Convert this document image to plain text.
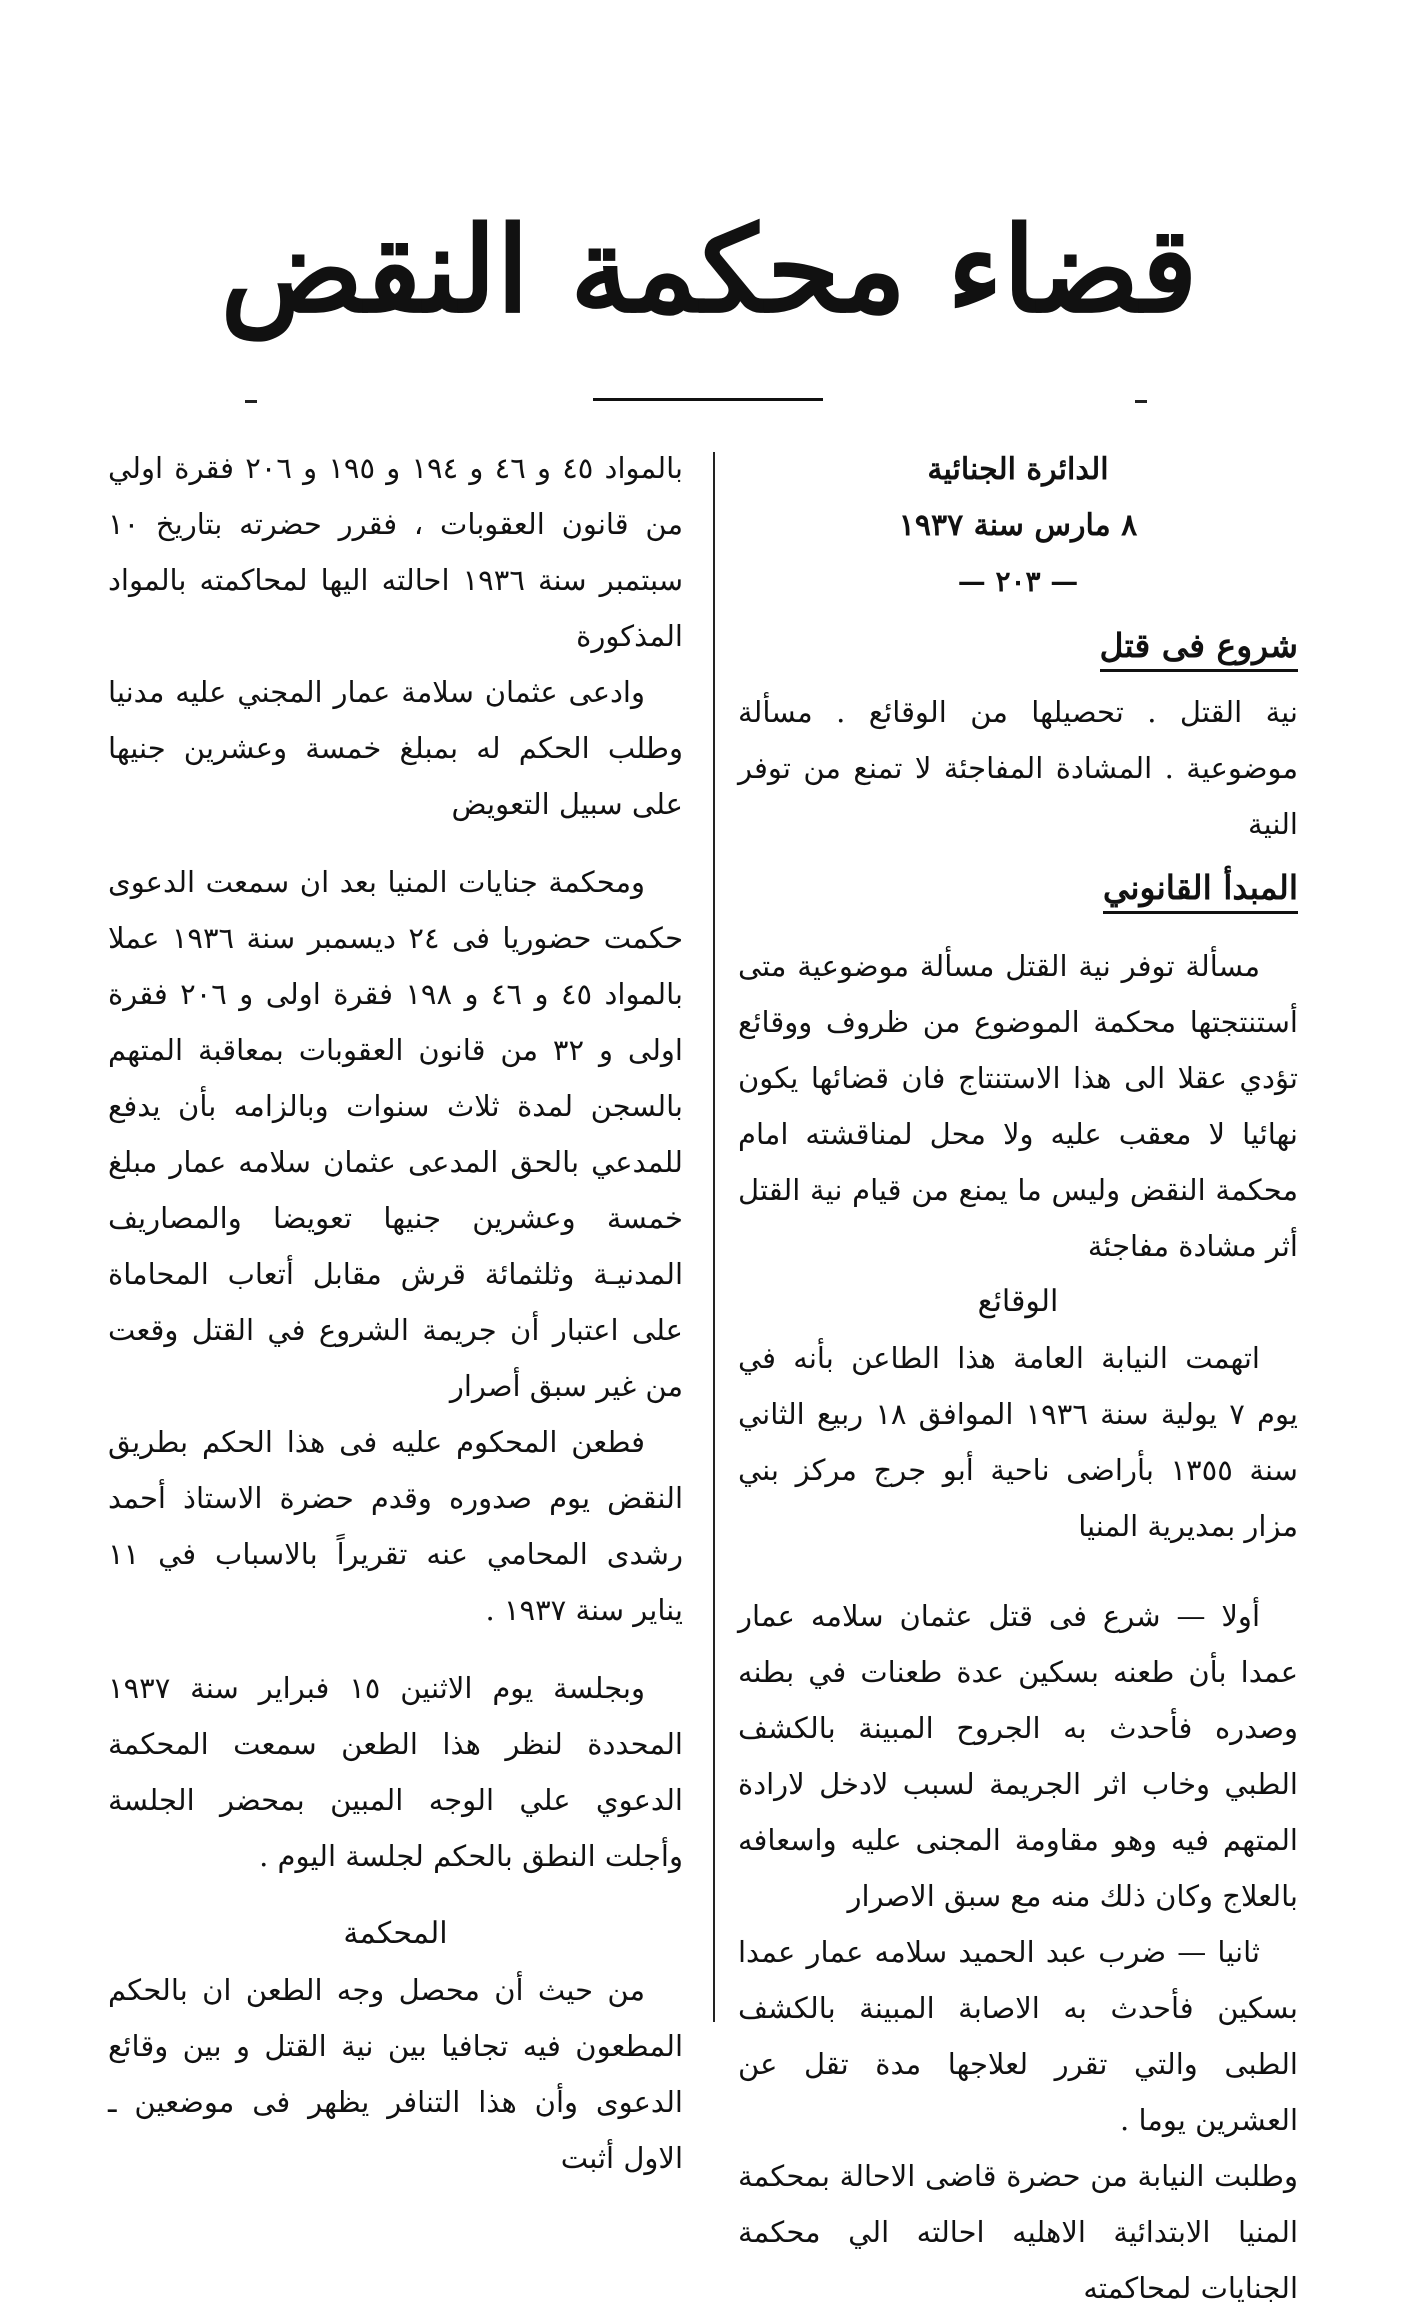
قضاء محكمة النقض

الدائرة الجنائية

٨ مارس سنة ١٩٣٧

— ٢٠٣ —

شروع فى قتل

نية القتل . تحصيلها من الوقائع . مسألة موضوعية . المشادة المفاجئة لا تمنع من توفر النية

المبدأ القانوني

مسألة توفر نية القتل مسألة موضوعية متى أستنتجتها محكمة الموضوع من ظروف ووقائع تؤدي عقلا الى هذا الاستنتاج فان قضائها يكون نهائيا لا معقب عليه ولا محل لمناقشته امام محكمة النقض وليس ما يمنع من قيام نية القتل أثر مشادة مفاجئة

الوقائع

اتهمت النيابة العامة هذا الطاعن بأنه في يوم ٧ يولية سنة ١٩٣٦ الموافق ١٨ ربيع الثاني سنة ١٣٥٥ بأراضى ناحية أبو جرج مركز بني مزار بمديرية المنيا

أولا — شرع فى قتل عثمان سلامه عمار عمدا بأن طعنه بسكين عدة طعنات في بطنه وصدره فأحدث به الجروح المبينة بالكشف الطبي وخاب اثر الجريمة لسبب لادخل لارادة المتهم فيه وهو مقاومة المجنى عليه واسعافه بالعلاج وكان ذلك منه مع سبق الاصرار

ثانيا — ضرب عبد الحميد سلامه عمار عمدا بسكين فأحدث به الاصابة المبينة بالكشف الطبى والتي تقرر لعلاجها مدة تقل عن العشرين يوما .

وطلبت النيابة من حضرة قاضى الاحالة بمحكمة المنيا الابتدائية الاهليه احالته الي محكمة الجنايات لمحاكمته

بالمواد ٤٥ و ٤٦ و ١٩٤ و ١٩٥ و ٢٠٦ فقرة اولي من قانون العقوبات ، فقرر حضرته بتاريخ ١٠ سبتمبر سنة ١٩٣٦ احالته اليها لمحاكمته بالمواد المذكورة

وادعى عثمان سلامة عمار المجني عليه مدنيا وطلب الحكم له بمبلغ خمسة وعشرين جنيها على سبيل التعويض

ومحكمة جنايات المنيا بعد ان سمعت الدعوى حكمت حضوريا فى ٢٤ ديسمبر سنة ١٩٣٦ عملا بالمواد ٤٥ و ٤٦ و ١٩٨ فقرة اولى و ٢٠٦ فقرة اولى و ٣٢ من قانون العقوبات بمعاقبة المتهم بالسجن لمدة ثلاث سنوات وبالزامه بأن يدفع للمدعي بالحق المدعى عثمان سلامه عمار مبلغ خمسة وعشرين جنيها تعويضا والمصاريف المدنيـة وثلثمائة قرش مقابل أتعاب المحاماة على اعتبار أن جريمة الشروع في القتل وقعت من غير سبق أصرار

فطعن المحكوم عليه فى هذا الحكم بطريق النقض يوم صدوره وقدم حضرة الاستاذ أحمد رشدى المحامي عنه تقريراً بالاسباب في ١١ يناير سنة ١٩٣٧ .

وبجلسة يوم الاثنين ١٥ فبراير سنة ١٩٣٧ المحددة لنظر هذا الطعن سمعت المحكمة الدعوي علي الوجه المبين بمحضر الجلسة وأجلت النطق بالحكم لجلسة اليوم .

المحكمة

من حيث أن محصل وجه الطعن ان بالحكم المطعون فيه تجافيا بين نية القتل و بين وقائع الدعوى وأن هذا التنافر يظهر فى موضعين ـ الاول أثبت
